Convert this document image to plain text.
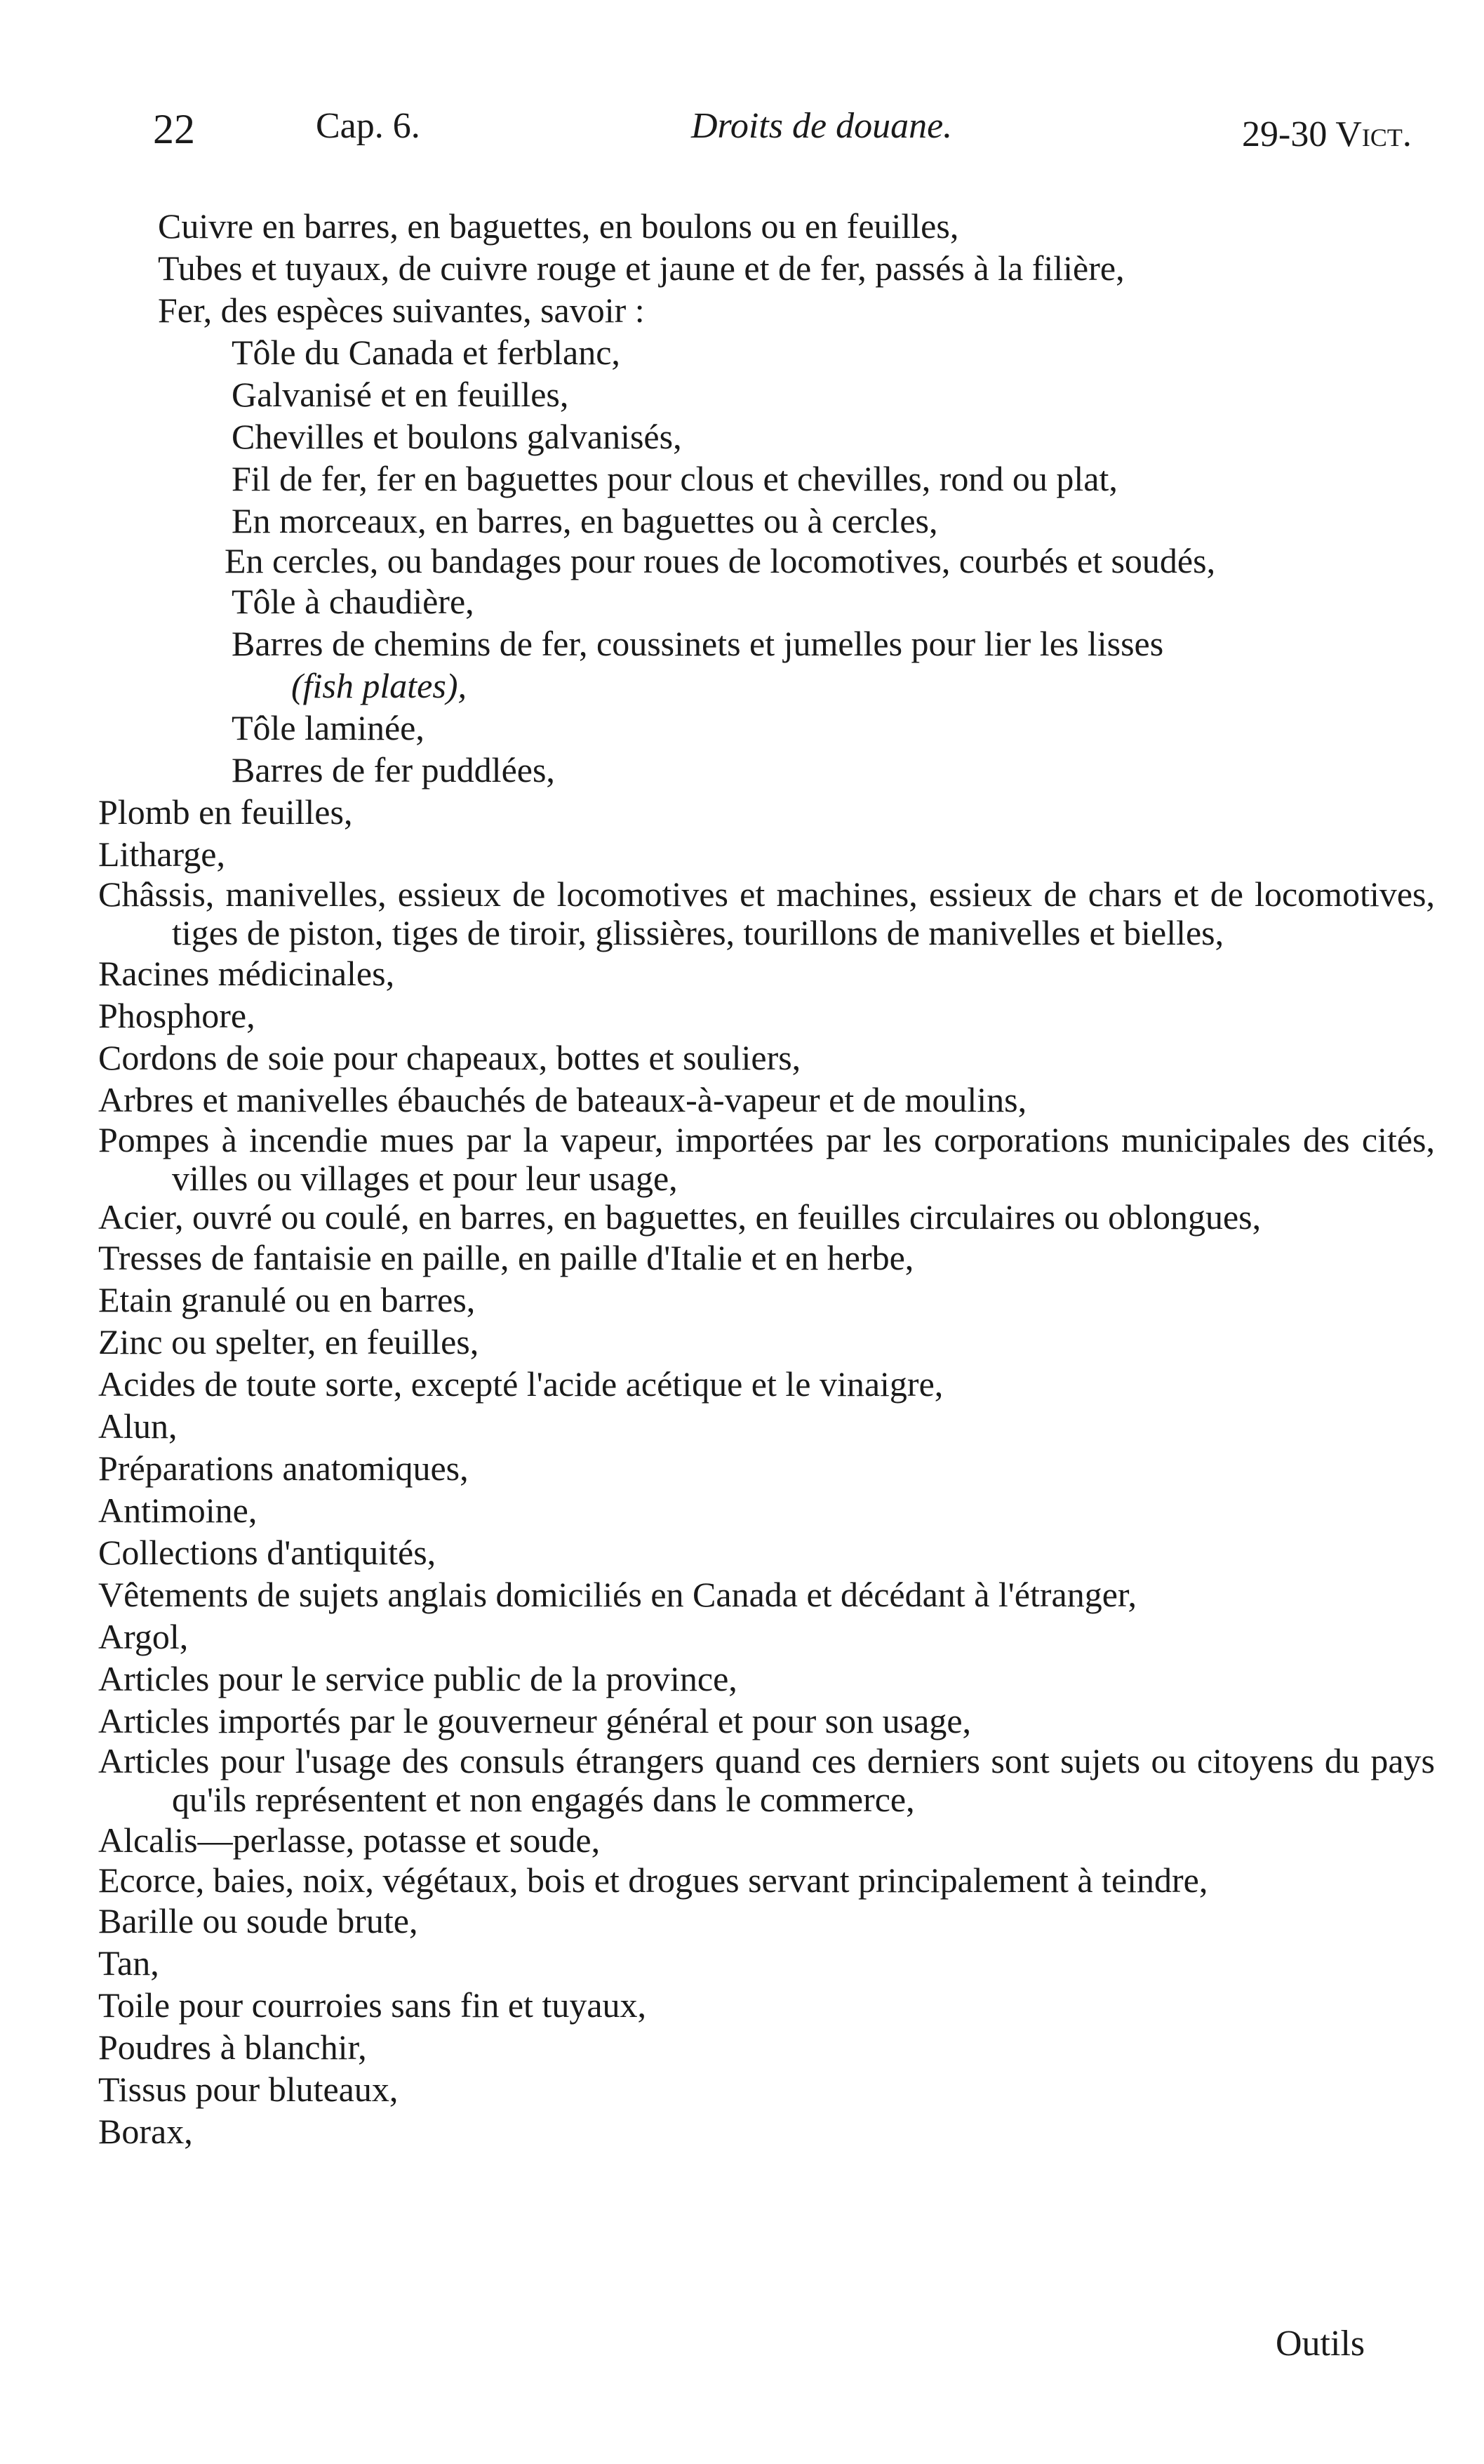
22	Cap. 6.	Droits de douane.	29-30 Vict.
Cuivre en barres, en baguettes, en boulons ou en feuilles,
Tubes et tuyaux, de cuivre rouge et jaune et de fer, passés à la filière,
Fer, des espèces suivantes, savoir :
Tôle du Canada et ferblanc,
Galvanisé et en feuilles,
Chevilles et boulons galvanisés,
Fil de fer, fer en baguettes pour clous et chevilles, rond ou plat,
En morceaux, en barres, en baguettes ou à cercles,
En cercles, ou bandages pour roues de locomotives, courbés et soudés,
Tôle à chaudière,
Barres de chemins de fer, coussinets et jumelles pour lier les lisses
(fish plates),
Tôle laminée,
Barres de fer puddlées,
Plomb en feuilles,
Litharge,
Châssis, manivelles, essieux de locomotives et machines, essieux de chars et de locomotives, tiges de piston, tiges de tiroir, glissières, tourillons de manivelles et bielles,
Racines médicinales,
Phosphore,
Cordons de soie pour chapeaux, bottes et souliers,
Arbres et manivelles ébauchés de bateaux-à-vapeur et de moulins,
Pompes à incendie mues par la vapeur, importées par les corporations municipales des cités, villes ou villages et pour leur usage,
Acier, ouvré ou coulé, en barres, en baguettes, en feuilles circulaires ou oblongues,
Tresses de fantaisie en paille, en paille d'Italie et en herbe,
Etain granulé ou en barres,
Zinc ou spelter, en feuilles,
Acides de toute sorte, excepté l'acide acétique et le vinaigre,
Alun,
Préparations anatomiques,
Antimoine,
Collections d'antiquités,
Vêtements de sujets anglais domiciliés en Canada et décédant à l'étranger,
Argol,
Articles pour le service public de la province,
Articles importés par le gouverneur général et pour son usage,
Articles pour l'usage des consuls étrangers quand ces derniers sont sujets ou citoyens du pays qu'ils représentent et non engagés dans le commerce,
Alcalis—perlasse, potasse et soude,
Ecorce, baies, noix, végétaux, bois et drogues servant principalement à teindre,
Barille ou soude brute,
Tan,
Toile pour courroies sans fin et tuyaux,
Poudres à blanchir,
Tissus pour bluteaux,
Borax,
Outils
